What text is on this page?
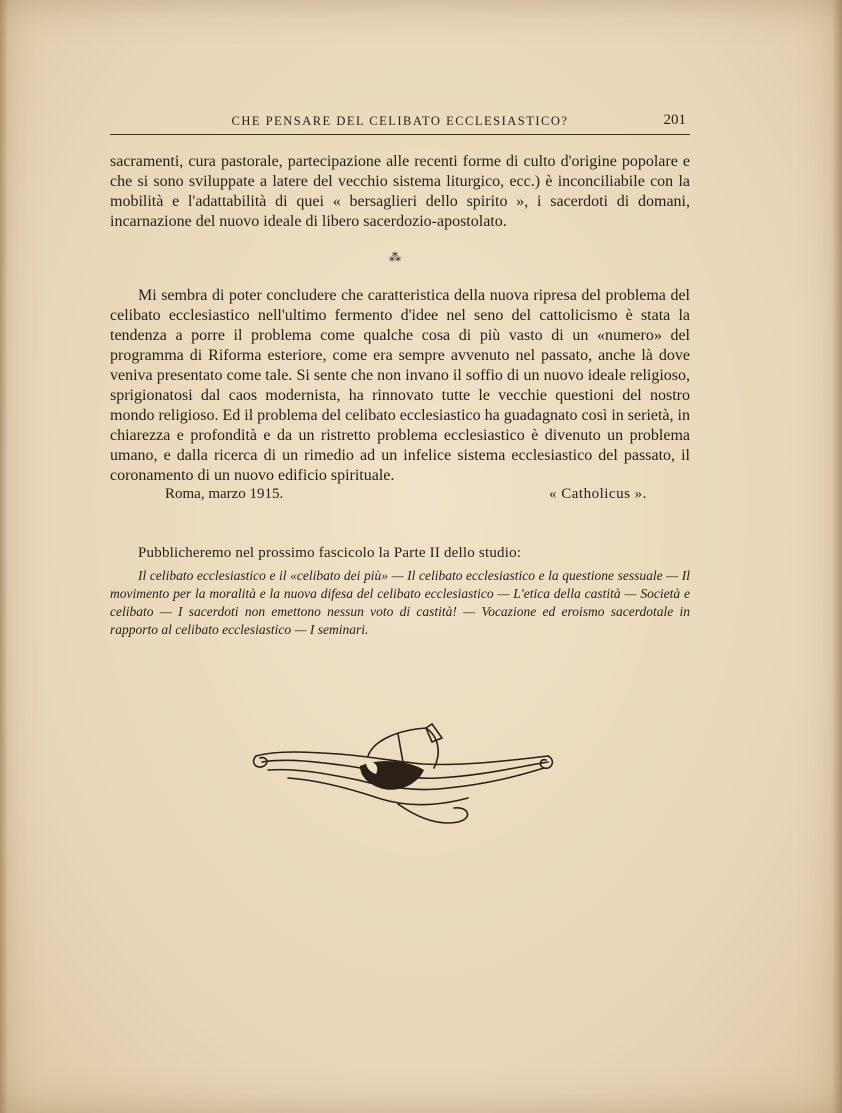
CHE PENSARE DEL CELIBATO ECCLESIASTICO?	201

sacramenti, cura pastorale, partecipazione alle recenti forme di culto d'origine popolare e che si sono sviluppate a latere del vecchio sistema liturgico, ecc.) è inconciliabile con la mobilità e l'adattabilità di quei « bersaglieri dello spirito », i sacerdoti di domani, incarnazione del nuovo ideale di libero sacerdozio-apostolato.

⁂

Mi sembra di poter concludere che caratteristica della nuova ripresa del problema del celibato ecclesiastico nell'ultimo fermento d'idee nel seno del cattolicismo è stata la tendenza a porre il problema come qualche cosa di più vasto di un «numero» del programma di Riforma esteriore, come era sempre avvenuto nel passato, anche là dove veniva presentato come tale. Si sente che non invano il soffio di un nuovo ideale religioso, sprigionatosi dal caos modernista, ha rinnovato tutte le vecchie questioni del nostro mondo religioso. Ed il problema del celibato ecclesiastico ha guadagnato così in serietà, in chiarezza e profondità e da un ristretto problema ecclesiastico è divenuto un problema umano, e dalla ricerca di un rimedio ad un infelice sistema ecclesiastico del passato, il coronamento di un nuovo edificio spirituale.

Roma, marzo 1915.	« Catholicus ».
Pubblicheremo nel prossimo fascicolo la Parte II dello studio:
Il celibato ecclesiastico e il «celibato dei più» — Il celibato ecclesiastico e la questione sessuale — Il movimento per la moralità e la nuova difesa del celibato ecclesiastico — L'etica della castità — Società e celibato — I sacerdoti non emettono nessun voto di castità! — Vocazione ed eroismo sacerdotale in rapporto al celibato ecclesiastico — I seminari.
